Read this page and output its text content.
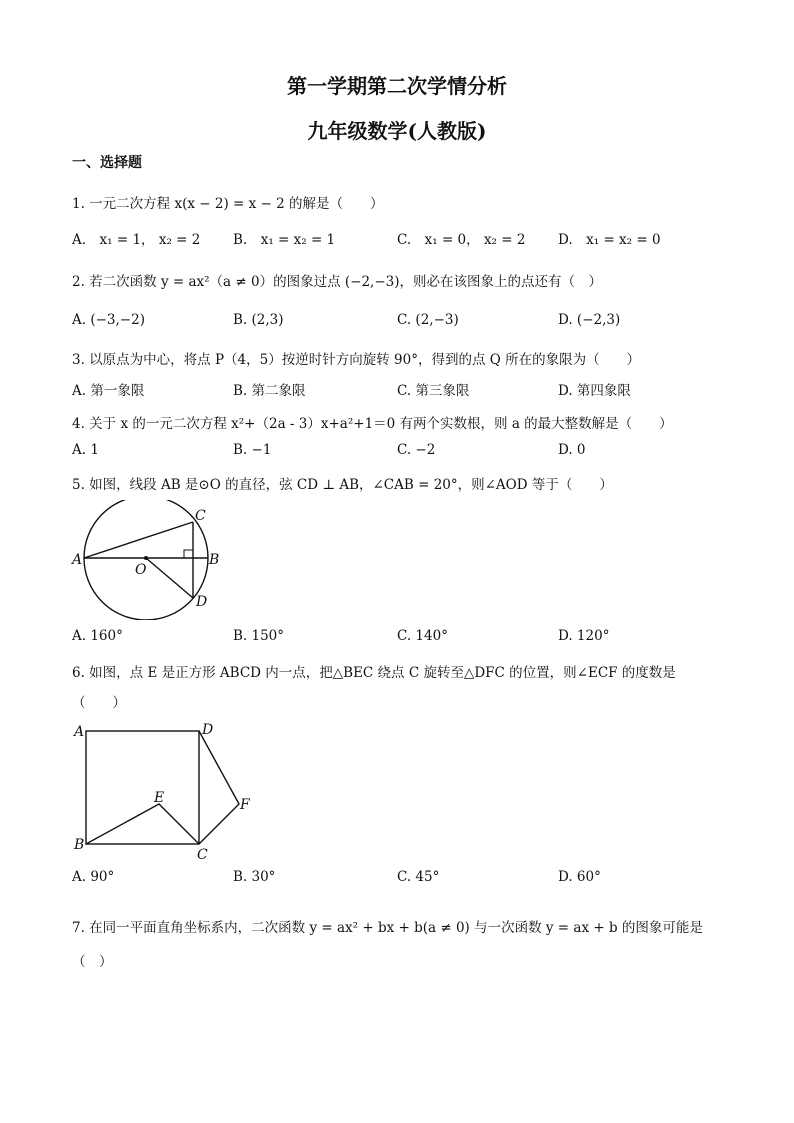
第一学期第二次学情分析
九年级数学(人教版)
一、选择题
1. 一元二次方程 x(x − 2) = x − 2 的解是（　　）
A.　x₁ = 1， x₂ = 2 B.　x₁ = x₂ = 1	C.　x₁ = 0， x₂ = 2 D.　x₁ = x₂ = 0
2. 若二次函数 y = ax²（a ≠ 0）的图象过点 (−2,−3)，则必在该图象上的点还有（　）
A. (−3,−2)	B. (2,3)	C. (2,−3)	D. (−2,3)
3. 以原点为中心，将点 P（4，5）按逆时针方向旋转 90°，得到的点 Q 所在的象限为（　　）
A. 第一象限	B. 第二象限	C. 第三象限	D. 第四象限
4. 关于 x 的一元二次方程 x²+（2a - 3）x+a²+1＝0 有两个实数根，则 a 的最大整数解是（　　）
A. 1	B. −1	C. −2	D. 0
5. 如图，线段 AB 是⊙O 的直径，弦 CD ⊥ AB，∠CAB = 20°，则∠AOD 等于（　　）
A	B
C
D
O
A. 160°	B. 150°	C. 140°	D. 120°
6. 如图，点 E 是正方形 ABCD 内一点，把△BEC 绕点 C 旋转至△DFC 的位置，则∠ECF 的度数是
（　　）
A
B
C
D
E	F
A. 90°	B. 30°	C. 45°	D. 60°
7. 在同一平面直角坐标系内，二次函数 y = ax² + bx + b(a ≠ 0) 与一次函数 y = ax + b 的图象可能是
（　）
